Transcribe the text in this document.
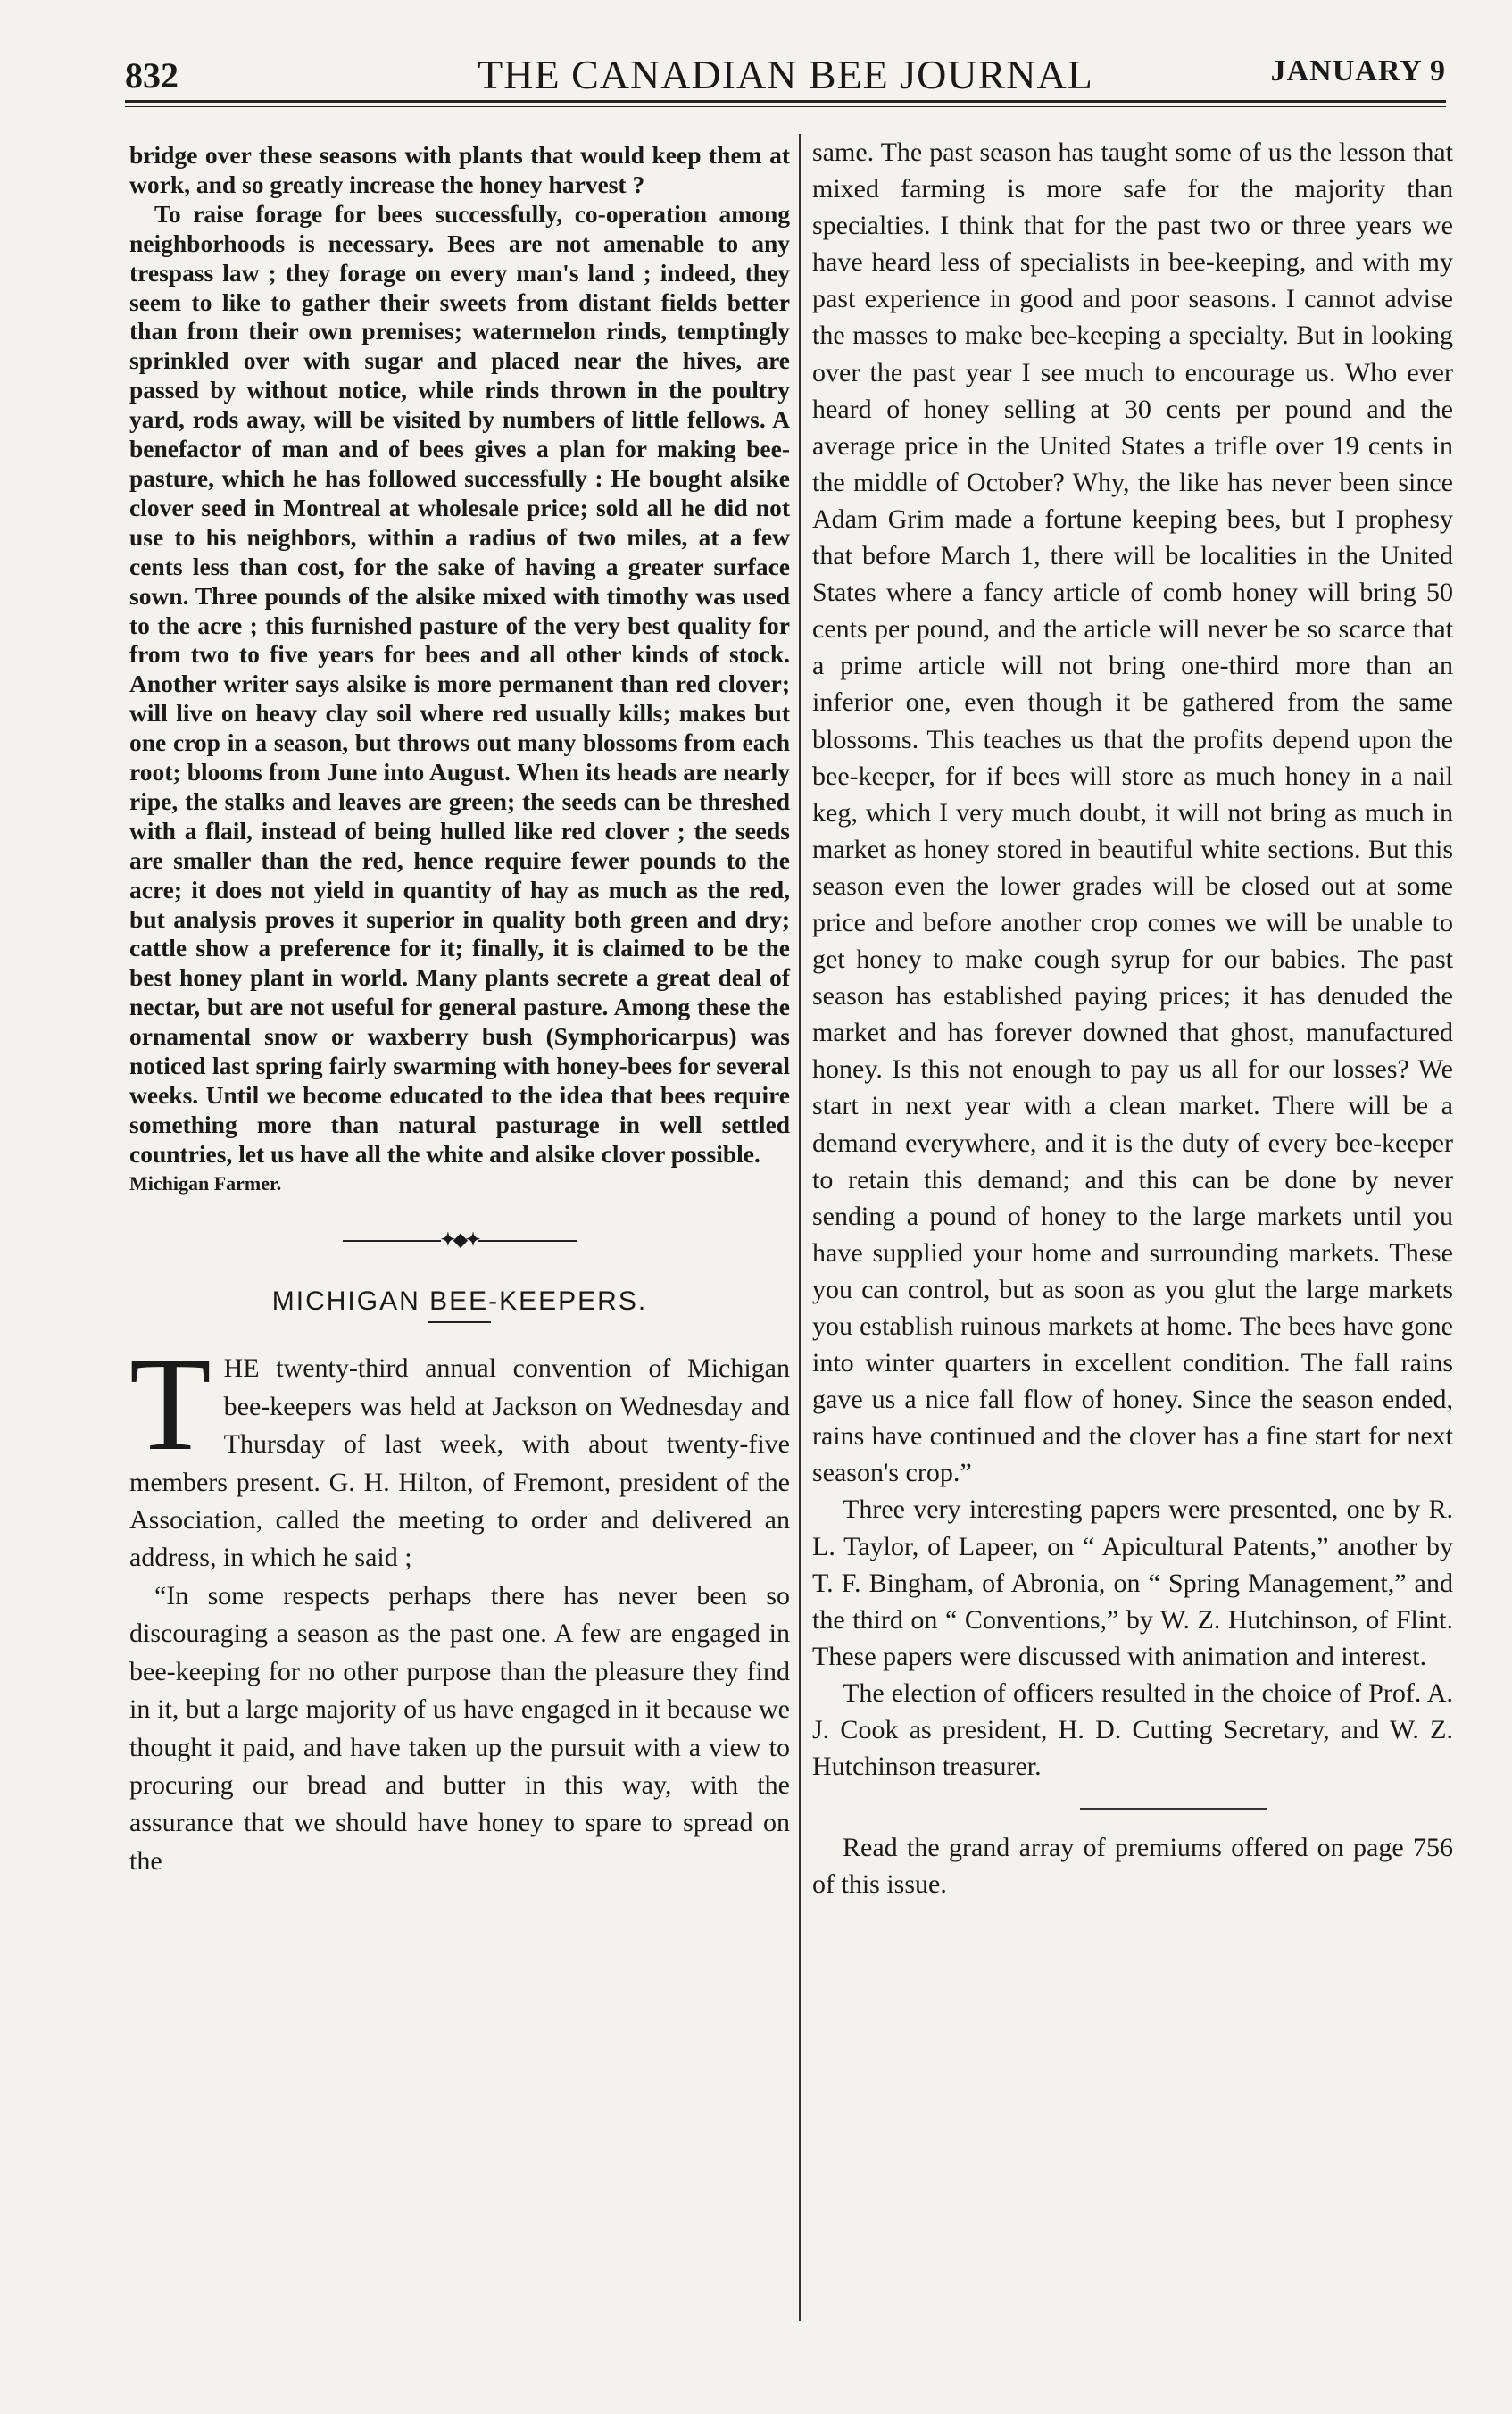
832	THE CANADIAN BEE JOURNAL	JANUARY 9

bridge over these seasons with plants that would keep them at work, and so greatly increase the honey harvest ?

To raise forage for bees successfully, co-operation among neighborhoods is necessary. Bees are not amenable to any trespass law ; they forage on every man's land ; indeed, they seem to like to gather their sweets from distant fields better than from their own premises; watermelon rinds, temptingly sprinkled over with sugar and placed near the hives, are passed by without notice, while rinds thrown in the poultry yard, rods away, will be visited by numbers of little fellows. A benefactor of man and of bees gives a plan for making bee-pasture, which he has followed successfully : He bought alsike clover seed in Montreal at wholesale price; sold all he did not use to his neighbors, within a radius of two miles, at a few cents less than cost, for the sake of having a greater surface sown. Three pounds of the alsike mixed with timothy was used to the acre ; this furnished pasture of the very best quality for from two to five years for bees and all other kinds of stock. Another writer says alsike is more permanent than red clover; will live on heavy clay soil where red usually kills; makes but one crop in a season, but throws out many blossoms from each root; blooms from June into August. When its heads are nearly ripe, the stalks and leaves are green; the seeds can be threshed with a flail, instead of being hulled like red clover ; the seeds are smaller than the red, hence require fewer pounds to the acre; it does not yield in quantity of hay as much as the red, but analysis proves it superior in quality both green and dry; cattle show a preference for it; finally, it is claimed to be the best honey plant in world. Many plants secrete a great deal of nectar, but are not useful for general pasture. Among these the ornamental snow or waxberry bush (Symphoricarpus) was noticed last spring fairly swarming with honey-bees for several weeks. Until we become educated to the idea that bees require something more than natural pasturage in well settled countries, let us have all the white and alsike clover possible.

Michigan Farmer.

✦◆✦
MICHIGAN BEE-KEEPERS.

THE twenty-third annual convention of Michigan bee-keepers was held at Jackson on Wednesday and Thursday of last week, with about twenty-five members present. G. H. Hilton, of Fremont, president of the Association, called the meeting to order and delivered an address, in which he said ;

“In some respects perhaps there has never been so discouraging a season as the past one. A few are engaged in bee-keeping for no other purpose than the pleasure they find in it, but a large majority of us have engaged in it because we thought it paid, and have taken up the pursuit with a view to procuring our bread and butter in this way, with the assurance that we should have honey to spare to spread on the

same. The past season has taught some of us the lesson that mixed farming is more safe for the majority than specialties. I think that for the past two or three years we have heard less of specialists in bee-keeping, and with my past experience in good and poor seasons. I cannot advise the masses to make bee-keeping a specialty. But in looking over the past year I see much to encourage us. Who ever heard of honey selling at 30 cents per pound and the average price in the United States a trifle over 19 cents in the middle of October? Why, the like has never been since Adam Grim made a fortune keeping bees, but I prophesy that before March 1, there will be localities in the United States where a fancy article of comb honey will bring 50 cents per pound, and the article will never be so scarce that a prime article will not bring one-third more than an inferior one, even though it be gathered from the same blossoms. This teaches us that the profits depend upon the bee-keeper, for if bees will store as much honey in a nail keg, which I very much doubt, it will not bring as much in market as honey stored in beautiful white sections. But this season even the lower grades will be closed out at some price and before another crop comes we will be unable to get honey to make cough syrup for our babies. The past season has established paying prices; it has denuded the market and has forever downed that ghost, manufactured honey. Is this not enough to pay us all for our losses? We start in next year with a clean market. There will be a demand everywhere, and it is the duty of every bee-keeper to retain this demand; and this can be done by never sending a pound of honey to the large markets until you have supplied your home and surrounding markets. These you can control, but as soon as you glut the large markets you establish ruinous markets at home. The bees have gone into winter quarters in excellent condition. The fall rains gave us a nice fall flow of honey. Since the season ended, rains have continued and the clover has a fine start for next season's crop.”

Three very interesting papers were presented, one by R. L. Taylor, of Lapeer, on “ Apicultural Patents,” another by T. F. Bingham, of Abronia, on “ Spring Management,” and the third on “ Conventions,” by W. Z. Hutchinson, of Flint. These papers were discussed with animation and interest.

The election of officers resulted in the choice of Prof. A. J. Cook as president, H. D. Cutting Secretary, and W. Z. Hutchinson treasurer.

Read the grand array of premiums offered on page 756 of this issue.
